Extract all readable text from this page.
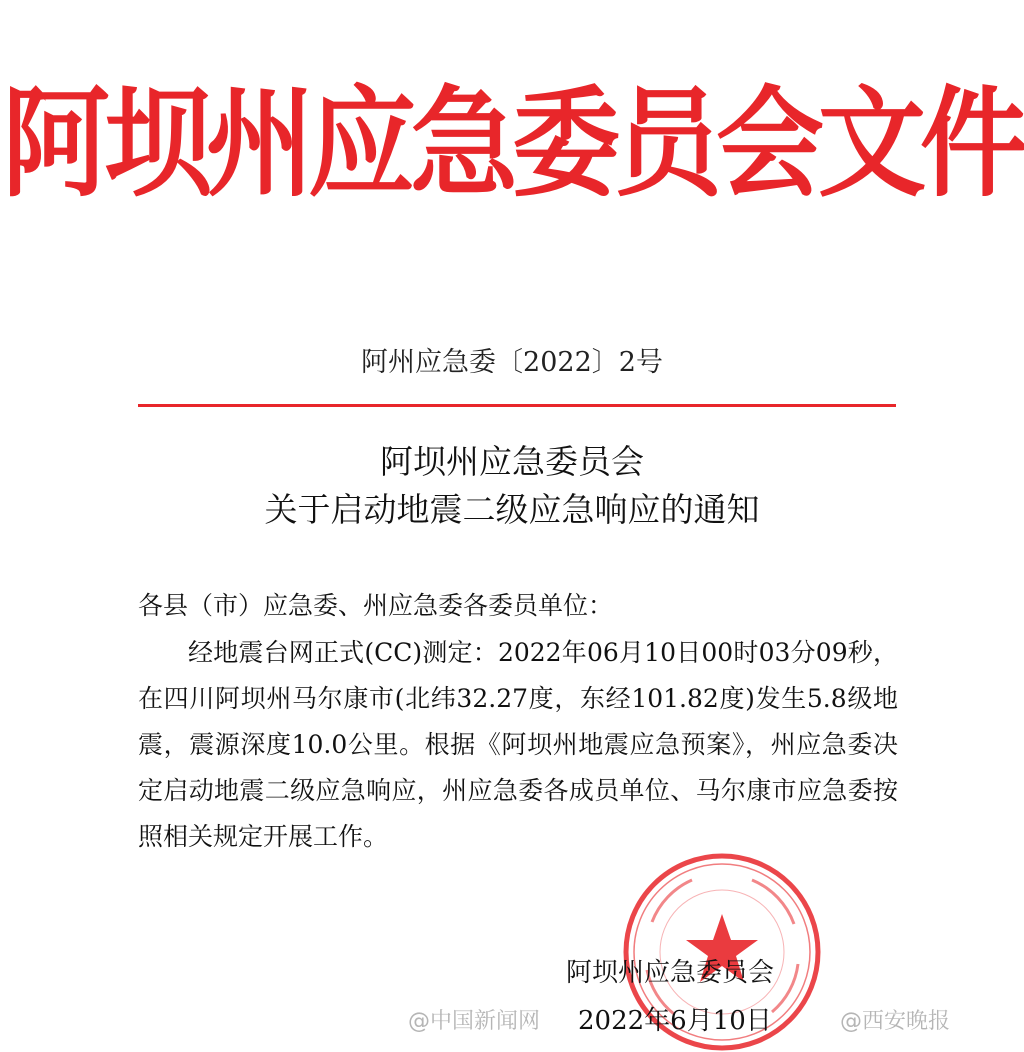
阿坝州应急委员会文件
阿州应急委〔2022〕2号
阿坝州应急委员会
关于启动地震二级应急响应的通知
各县（市）应急委、州应急委各委员单位：
经地震台网正式(CC)测定：2022年06月10日00时03分09秒，在四川阿坝州马尔康市(北纬32.27度，东经101.82度)发生5.8级地震，震源深度10.0公里。根据《阿坝州地震应急预案》，州应急委决定启动地震二级应急响应，州应急委各成员单位、马尔康市应急委按照相关规定开展工作。
阿坝州应急委员会
2022年6月10日
@中国新闻网	@西安晚报
